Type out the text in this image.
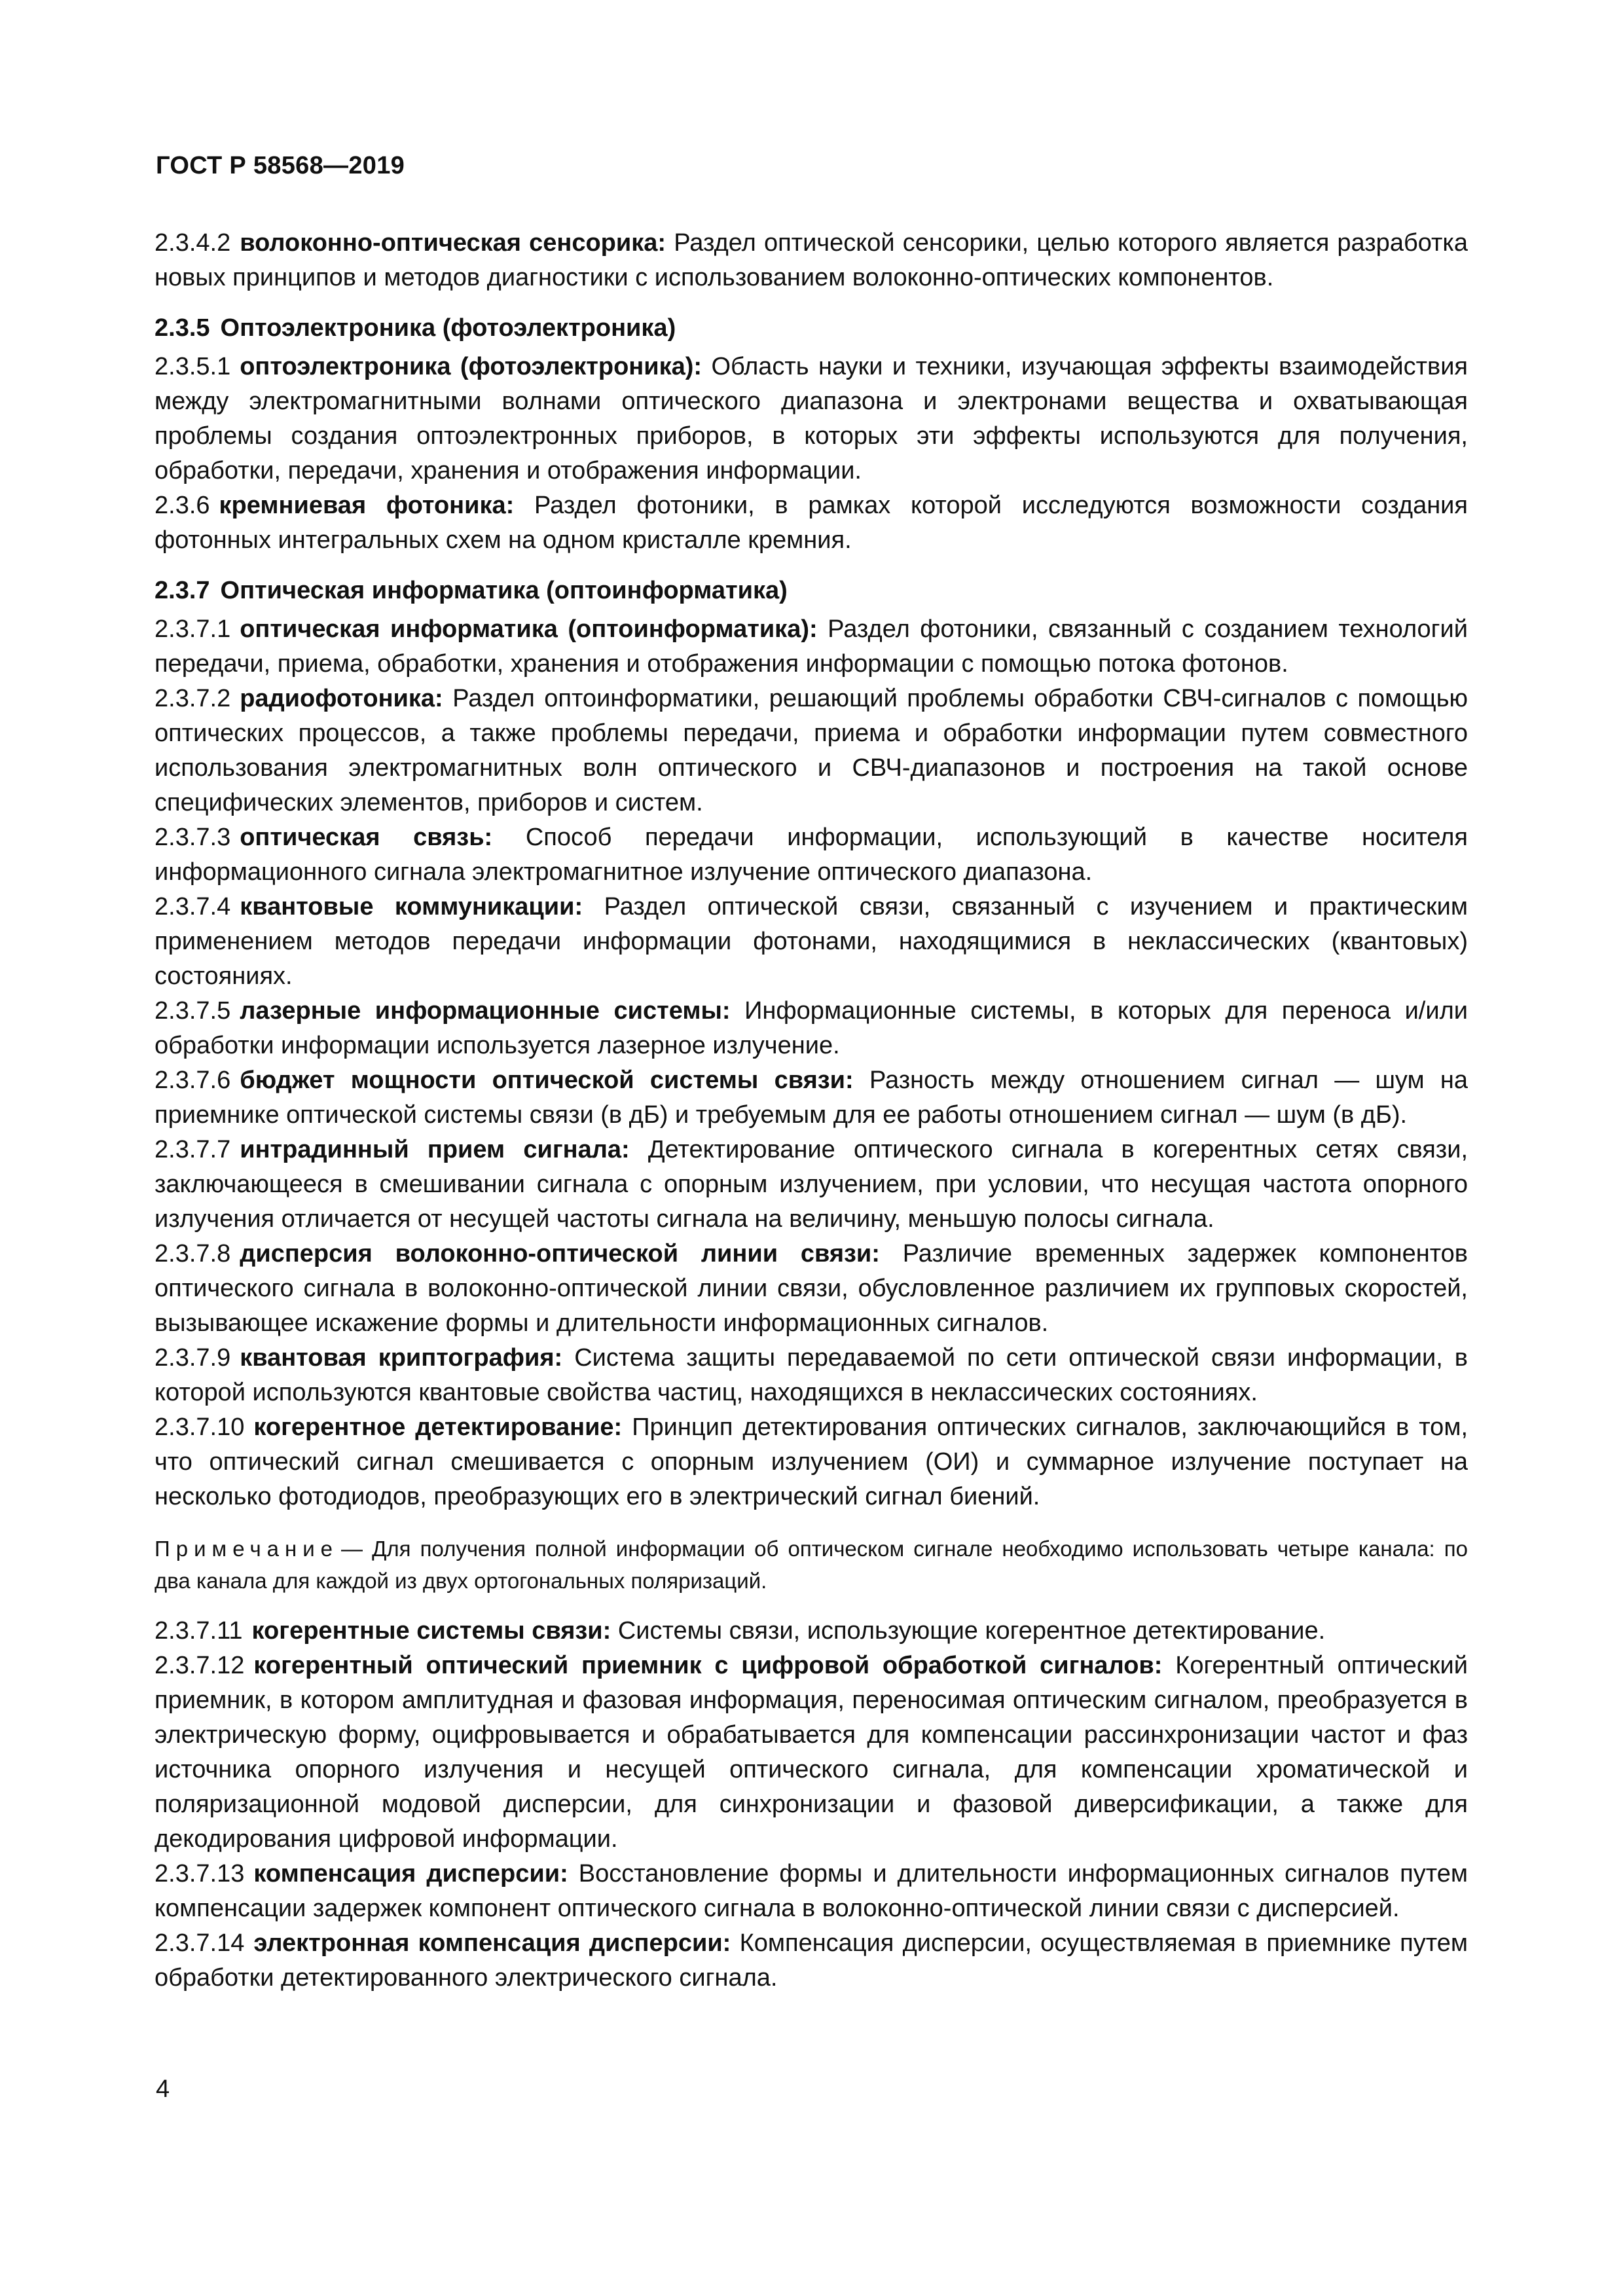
ГОСТ Р 58568—2019

2.3.4.2 волоконно-оптическая сенсорика: Раздел оптической сенсорики, целью которого является разработка новых принципов и методов диагностики с использованием волоконно-оптических компонентов.

2.3.5 Оптоэлектроника (фотоэлектроника)

2.3.5.1 оптоэлектроника (фотоэлектроника): Область науки и техники, изучающая эффекты взаимодействия между электромагнитными волнами оптического диапазона и электронами вещества и охватывающая проблемы создания оптоэлектронных приборов, в которых эти эффекты используются для получения, обработки, передачи, хранения и отображения информации.

2.3.6 кремниевая фотоника: Раздел фотоники, в рамках которой исследуются возможности создания фотонных интегральных схем на одном кристалле кремния.

2.3.7 Оптическая информатика (оптоинформатика)

2.3.7.1 оптическая информатика (оптоинформатика): Раздел фотоники, связанный с созданием технологий передачи, приема, обработки, хранения и отображения информации с помощью потока фотонов.

2.3.7.2 радиофотоника: Раздел оптоинформатики, решающий проблемы обработки СВЧ-сигналов с помощью оптических процессов, а также проблемы передачи, приема и обработки информации путем совместного использования электромагнитных волн оптического и СВЧ-диапазонов и построения на такой основе специфических элементов, приборов и систем.

2.3.7.3 оптическая связь: Способ передачи информации, использующий в качестве носителя информационного сигнала электромагнитное излучение оптического диапазона.

2.3.7.4 квантовые коммуникации: Раздел оптической связи, связанный с изучением и практическим применением методов передачи информации фотонами, находящимися в неклассических (квантовых) состояниях.

2.3.7.5 лазерные информационные системы: Информационные системы, в которых для переноса и/или обработки информации используется лазерное излучение.

2.3.7.6 бюджет мощности оптической системы связи: Разность между отношением сигнал — шум на приемнике оптической системы связи (в дБ) и требуемым для ее работы отношением сигнал — шум (в дБ).

2.3.7.7 интрадинный прием сигнала: Детектирование оптического сигнала в когерентных сетях связи, заключающееся в смешивании сигнала с опорным излучением, при условии, что несущая частота опорного излучения отличается от несущей частоты сигнала на величину, меньшую полосы сигнала.

2.3.7.8 дисперсия волоконно-оптической линии связи: Различие временных задержек компонентов оптического сигнала в волоконно-оптической линии связи, обусловленное различием их групповых скоростей, вызывающее искажение формы и длительности информационных сигналов.

2.3.7.9 квантовая криптография: Система защиты передаваемой по сети оптической связи информации, в которой используются квантовые свойства частиц, находящихся в неклассических состояниях.

2.3.7.10 когерентное детектирование: Принцип детектирования оптических сигналов, заключающийся в том, что оптический сигнал смешивается с опорным излучением (ОИ) и суммарное излучение поступает на несколько фотодиодов, преобразующих его в электрический сигнал биений.

Примечание — Для получения полной информации об оптическом сигнале необходимо использовать четыре канала: по два канала для каждой из двух ортогональных поляризаций.

2.3.7.11 когерентные системы связи: Системы связи, использующие когерентное детектирование.

2.3.7.12 когерентный оптический приемник с цифровой обработкой сигналов: Когерентный оптический приемник, в котором амплитудная и фазовая информация, переносимая оптическим сигналом, преобразуется в электрическую форму, оцифровывается и обрабатывается для компенсации рассинхронизации частот и фаз источника опорного излучения и несущей оптического сигнала, для компенсации хроматической и поляризационной модовой дисперсии, для синхронизации и фазовой диверсификации, а также для декодирования цифровой информации.

2.3.7.13 компенсация дисперсии: Восстановление формы и длительности информационных сигналов путем компенсации задержек компонент оптического сигнала в волоконно-оптической линии связи с дисперсией.

2.3.7.14 электронная компенсация дисперсии: Компенсация дисперсии, осуществляемая в приемнике путем обработки детектированного электрического сигнала.

4
